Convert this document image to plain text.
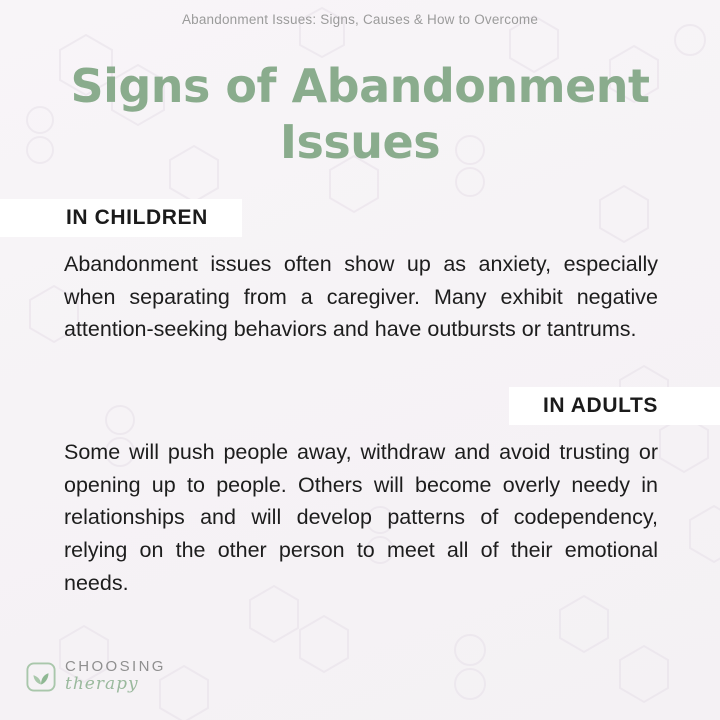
Abandonment Issues: Signs, Causes & How to Overcome
Signs of Abandonment Issues
IN CHILDREN
Abandonment issues often show up as anxiety, especially when separating from a caregiver. Many exhibit negative attention-seeking behaviors and have outbursts or tantrums.
IN ADULTS
Some will push people away, withdraw and avoid trusting or opening up to people. Others will become overly needy in relationships and will develop patterns of codependency, relying on the other person to meet all of their emotional needs.
CHOOSING
therapy
